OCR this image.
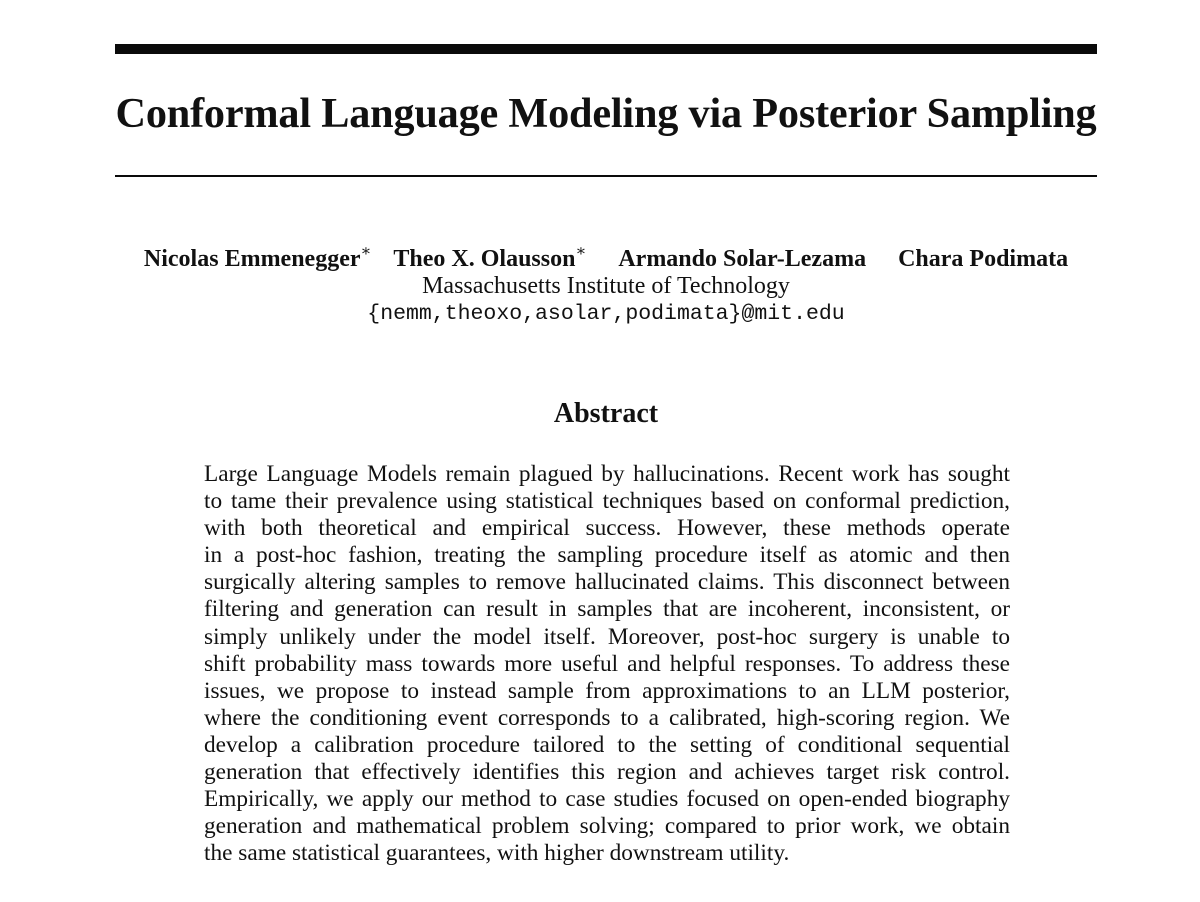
Conformal Language Modeling via Posterior Sampling
Nicolas Emmenegger∗ Theo X. Olausson∗ Armando Solar-Lezama Chara Podimata
Massachusetts Institute of Technology
{nemm,theoxo,asolar,podimata}@mit.edu
Abstract
Large Language Models remain plagued by hallucinations. Recent work has sought
to tame their prevalence using statistical techniques based on conformal prediction,
with both theoretical and empirical success. However, these methods operate
in a post-hoc fashion, treating the sampling procedure itself as atomic and then
surgically altering samples to remove hallucinated claims. This disconnect between
filtering and generation can result in samples that are incoherent, inconsistent, or
simply unlikely under the model itself. Moreover, post-hoc surgery is unable to
shift probability mass towards more useful and helpful responses. To address these
issues, we propose to instead sample from approximations to an LLM posterior,
where the conditioning event corresponds to a calibrated, high-scoring region. We
develop a calibration procedure tailored to the setting of conditional sequential
generation that effectively identifies this region and achieves target risk control.
Empirically, we apply our method to case studies focused on open-ended biography
generation and mathematical problem solving; compared to prior work, we obtain
the same statistical guarantees, with higher downstream utility.
